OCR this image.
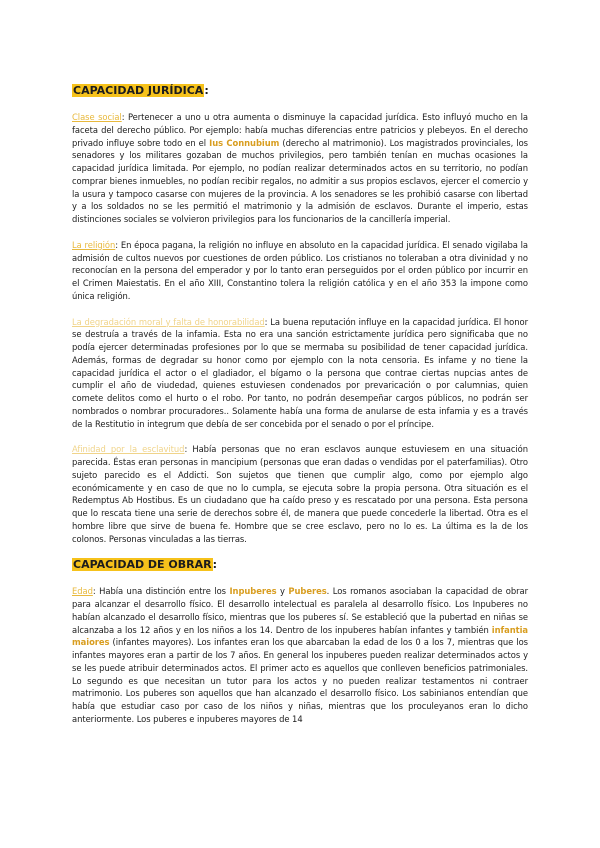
CAPACIDAD JURÍDICA:

Clase social: Pertenecer a uno u otra aumenta o disminuye la capacidad jurídica. Esto influyó mucho en la faceta del derecho público. Por ejemplo: había muchas diferencias entre patricios y plebeyos. En el derecho privado influye sobre todo en el Ius Connubium (derecho al matrimonio). Los magistrados provinciales, los senadores y los militares gozaban de muchos privilegios, pero también tenían en muchas ocasiones la capacidad jurídica limitada. Por ejemplo, no podían realizar determinados actos en su territorio, no podían comprar bienes inmuebles, no podían recibir regalos, no admitir a sus propios esclavos, ejercer el comercio y la usura y tampoco casarse con mujeres de la provincia. A los senadores se les prohibió casarse con libertad y a los soldados no se les permitió el matrimonio y la admisión de esclavos. Durante el imperio, estas distinciones sociales se volvieron privilegios para los funcionarios de la cancillería imperial.

La religión: En época pagana, la religión no influye en absoluto en la capacidad jurídica. El senado vigilaba la admisión de cultos nuevos por cuestiones de orden público. Los cristianos no toleraban a otra divinidad y no reconocían en la persona del emperador y por lo tanto eran perseguidos por el orden público por incurrir en el Crimen Maiestatis. En el año XIII, Constantino tolera la religión católica y en el año 353 la impone como única religión.

La degradación moral y falta de honorabilidad: La buena reputación influye en la capacidad jurídica. El honor se destruía a través de la infamia. Esta no era una sanción estrictamente jurídica pero significaba que no podía ejercer determinadas profesiones por lo que se mermaba su posibilidad de tener capacidad jurídica. Además, formas de degradar su honor como por ejemplo con la nota censoria. Es infame y no tiene la capacidad jurídica el actor o el gladiador, el bígamo o la persona que contrae ciertas nupcias antes de cumplir el año de viudedad, quienes estuviesen condenados por prevaricación o por calumnias, quien comete delitos como el hurto o el robo. Por tanto, no podrán desempeñar cargos públicos, no podrán ser nombrados o nombrar procuradores.. Solamente había una forma de anularse de esta infamia y es a través de la Restitutio in integrum que debía de ser concebida por el senado o por el príncipe.

Afinidad por la esclavitud: Había personas que no eran esclavos aunque estuviesem en una situación parecida. Éstas eran personas in mancipium (personas que eran dadas o vendidas por el paterfamilias). Otro sujeto parecido es el Addicti. Son sujetos que tienen que cumplir algo, como por ejemplo algo económicamente y en caso de que no lo cumpla, se ejecuta sobre la propia persona. Otra situación es el Redemptus Ab Hostibus. Es un ciudadano que ha caído preso y es rescatado por una persona. Esta persona que lo rescata tiene una serie de derechos sobre él, de manera que puede concederle la libertad. Otra es el hombre libre que sirve de buena fe. Hombre que se cree esclavo, pero no lo es. La última es la de los colonos. Personas vinculadas a las tierras.

CAPACIDAD DE OBRAR:

Edad: Había una distinción entre los Inpuberes y Puberes. Los romanos asociaban la capacidad de obrar para alcanzar el desarrollo físico. El desarrollo intelectual es paralela al desarrollo físico. Los Inpuberes no habían alcanzado el desarrollo físico, mientras que los puberes sí. Se estableció que la pubertad en niñas se alcanzaba a los 12 años y en los niños a los 14. Dentro de los inpuberes habían infantes y también infantia maiores (infantes mayores). Los infantes eran los que abarcaban la edad de los 0 a los 7, mientras que los infantes mayores eran a partir de los 7 años. En general los inpuberes pueden realizar determinados actos y se les puede atribuir determinados actos. El primer acto es aquellos que conlleven beneficios patrimoniales. Lo segundo es que necesitan un tutor para los actos y no pueden realizar testamentos ni contraer matrimonio. Los puberes son aquellos que han alcanzado el desarrollo físico. Los sabinianos entendían que había que estudiar caso por caso de los niños y niñas, mientras que los proculeyanos eran lo dicho anteriormente. Los puberes e inpuberes mayores de 14
